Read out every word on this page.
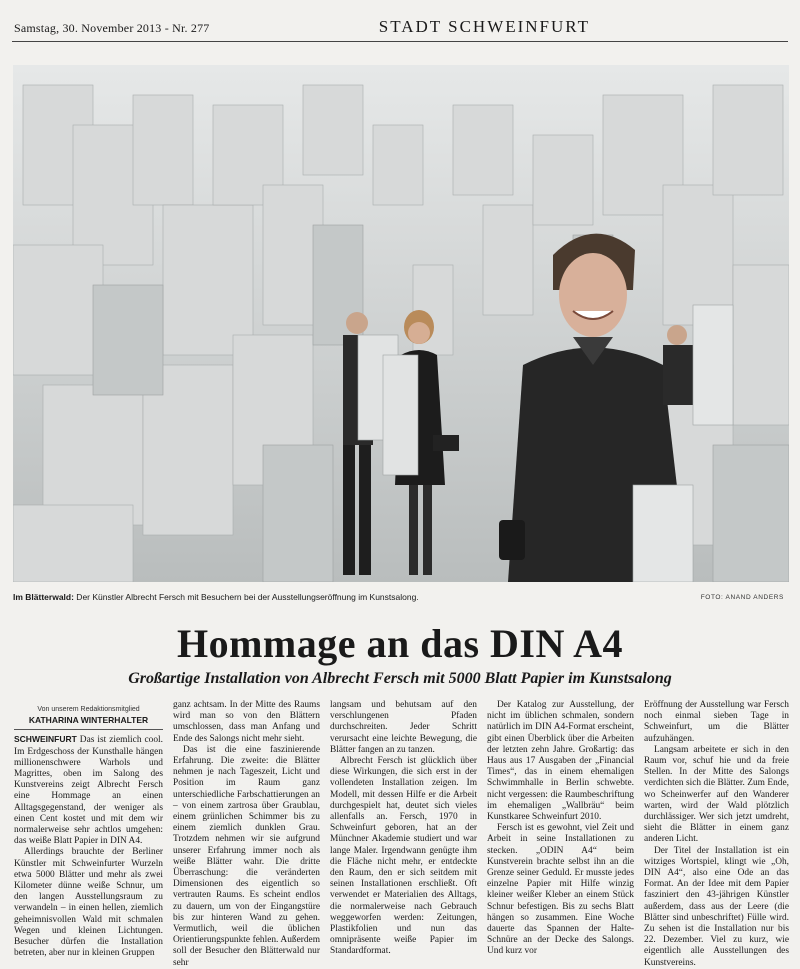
Samstag, 30. November 2013 - Nr. 277	STADT SCHWEINFURT
Im Blätterwald: Der Künstler Albrecht Fersch mit Besuchern bei der Ausstellungseröffnung im Kunstsalong.	FOTO: ANAND ANDERS
Hommage an das DIN A4
Großartige Installation von Albrecht Fersch mit 5000 Blatt Papier im Kunstsalong
Von unserem Redaktionsmitglied
KATHARINA WINTERHALTER

SCHWEINFURT Das ist ziemlich cool. Im Erdgeschoss der Kunsthalle hängen millionenschwere Warhols und Magrittes, oben im Salong des Kunstvereins zeigt Albrecht Fersch eine Hommage an einen Alltagsgegenstand, der weniger als einen Cent kostet und mit dem wir normalerweise sehr achtlos umgehen: das weiße Blatt Papier in DIN A4.

Allerdings brauchte der Berliner Künstler mit Schweinfurter Wurzeln etwa 5000 Blätter und mehr als zwei Kilometer dünne weiße Schnur, um den langen Ausstellungsraum zu verwandeln – in einen hellen, ziemlich geheimnisvollen Wald mit schmalen Wegen und kleinen Lichtungen. Besucher dürfen die Installation betreten, aber nur in kleinen Gruppen

ganz achtsam. In der Mitte des Raums wird man so von den Blättern umschlossen, dass man Anfang und Ende des Salongs nicht mehr sieht.

Das ist die eine faszinierende Erfahrung. Die zweite: die Blätter nehmen je nach Tageszeit, Licht und Position im Raum ganz unterschiedliche Farbschattierungen an – von einem zartrosa über Graublau, einem grünlichen Schimmer bis zu einem ziemlich dunklen Grau. Trotzdem nehmen wir sie aufgrund unserer Erfahrung immer noch als weiße Blätter wahr. Die dritte Überraschung: die veränderten Dimensionen des eigentlich so vertrauten Raums. Es scheint endlos zu dauern, um von der Eingangstüre bis zur hinteren Wand zu gehen. Vermutlich, weil die üblichen Orientierungspunkte fehlen. Außerdem soll der Besucher den Blätterwald nur sehr

langsam und behutsam auf den verschlungenen Pfaden durchschreiten. Jeder Schritt verursacht eine leichte Bewegung, die Blätter fangen an zu tanzen.

Albrecht Fersch ist glücklich über diese Wirkungen, die sich erst in der vollendeten Installation zeigen. Im Modell, mit dessen Hilfe er die Arbeit durchgespielt hat, deutet sich vieles allenfalls an. Fersch, 1970 in Schweinfurt geboren, hat an der Münchner Akademie studiert und war lange Maler. Irgendwann genügte ihm die Fläche nicht mehr, er entdeckte den Raum, den er sich seitdem mit seinen Installationen erschließt. Oft verwendet er Materialien des Alltags, die normalerweise nach Gebrauch weggeworfen werden: Zeitungen, Plastikfolien und nun das omnipräsente weiße Papier im Standardformat.

Der Katalog zur Ausstellung, der nicht im üblichen schmalen, sondern natürlich im DIN A4-Format erscheint, gibt einen Überblick über die Arbeiten der letzten zehn Jahre. Großartig: das Haus aus 17 Ausgaben der „Financial Times“, das in einem ehemaligen Schwimmhalle in Berlin schwebte. nicht vergessen: die Raumbeschriftung im ehemaligen „Wallbräu“ beim Kunstkaree Schweinfurt 2010.

Fersch ist es gewohnt, viel Zeit und Arbeit in seine Installationen zu stecken. „ODIN A4“ beim Kunstverein brachte selbst ihn an die Grenze seiner Geduld. Er musste jedes einzelne Papier mit Hilfe winzig kleiner weißer Kleber an einem Stück Schnur befestigen. Bis zu sechs Blatt hängen so zusammen. Eine Woche dauerte das Spannen der Halte-Schnüre an der Decke des Salongs. Und kurz vor

Eröffnung der Ausstellung war Fersch noch einmal sieben Tage in Schweinfurt, um die Blätter aufzuhängen.

Langsam arbeitete er sich in den Raum vor, schuf hie und da freie Stellen. In der Mitte des Salongs verdichten sich die Blätter. Zum Ende, wo Scheinwerfer auf den Wanderer warten, wird der Wald plötzlich durchlässiger. Wer sich jetzt umdreht, sieht die Blätter in einem ganz anderen Licht.

Der Titel der Installation ist ein witziges Wortspiel, klingt wie „Oh, DIN A4“, also eine Ode an das Format. An der Idee mit dem Papier fasziniert den 43-jährigen Künstler außerdem, dass aus der Leere (die Blätter sind unbeschriftet) Fülle wird. Zu sehen ist die Installation nur bis 22. Dezember. Viel zu kurz, wie eigentlich alle Ausstellungen des Kunstvereins.
